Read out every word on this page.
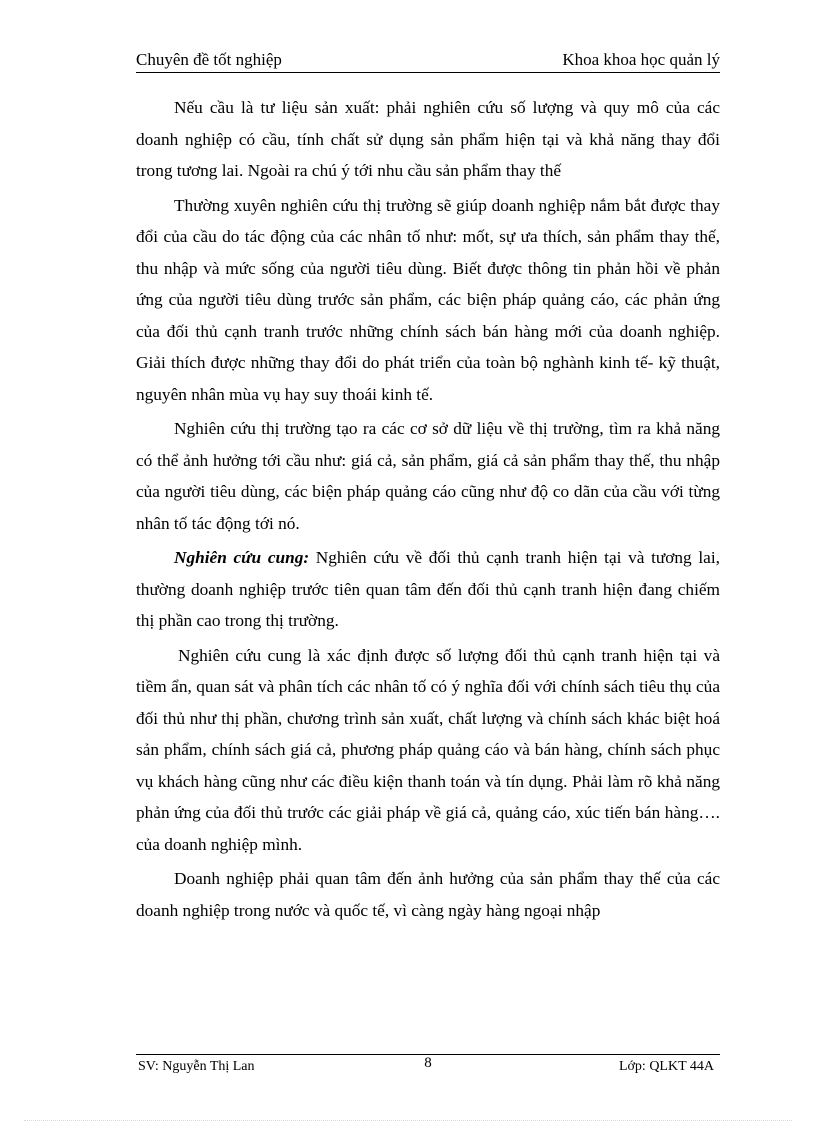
Chuyên đề tốt nghiệp	Khoa khoa học quản lý

Nếu cầu là tư liệu sản xuất: phải nghiên cứu số lượng và quy mô của các doanh nghiệp có cầu, tính chất sử dụng sản phẩm hiện tại và khả năng thay đổi trong tương lai. Ngoài ra chú ý tới nhu cầu sản phẩm thay thế

Thường xuyên nghiên cứu thị trường sẽ giúp doanh nghiệp nắm bắt được thay đổi của cầu do tác động của các nhân tố như: mốt, sự ưa thích, sản phẩm thay thế, thu nhập và mức sống của người tiêu dùng. Biết được thông tin phản hồi về phản ứng của người tiêu dùng trước sản phẩm, các biện pháp quảng cáo, các phản ứng của đối thủ cạnh tranh trước những chính sách bán hàng mới của doanh nghiệp. Giải thích được những thay đổi do phát triển của toàn bộ nghành kinh tế- kỹ thuật, nguyên nhân mùa vụ hay suy thoái kinh tế.

Nghiên cứu thị trường tạo ra các cơ sở dữ liệu về thị trường, tìm ra khả năng có thể ảnh hưởng tới cầu như: giá cả, sản phẩm, giá cả sản phẩm thay thế, thu nhập của người tiêu dùng, các biện pháp quảng cáo cũng như độ co dãn của cầu với từng nhân tố tác động tới nó.

Nghiên cứu cung: Nghiên cứu về đối thủ cạnh tranh hiện tại và tương lai, thường doanh nghiệp trước tiên quan tâm đến đối thủ cạnh tranh hiện đang chiếm thị phần cao trong thị trường.

Nghiên cứu cung là xác định được số lượng đối thủ cạnh tranh hiện tại và tiềm ẩn, quan sát và phân tích các nhân tố có ý nghĩa đối với chính sách tiêu thụ của đối thủ như thị phần, chương trình sản xuất, chất lượng và chính sách khác biệt hoá sản phẩm, chính sách giá cả, phương pháp quảng cáo và bán hàng, chính sách phục vụ khách hàng cũng như các điều kiện thanh toán và tín dụng. Phải làm rõ khả năng phản ứng của đối thủ trước các giải pháp về giá cả, quảng cáo, xúc tiến bán hàng…. của doanh nghiệp mình.

Doanh nghiệp phải quan tâm đến ảnh hưởng của sản phẩm thay thế của các doanh nghiệp trong nước và quốc tế, vì càng ngày hàng ngoại nhập

SV: Nguyễn Thị Lan	8	Lớp: QLKT 44A
